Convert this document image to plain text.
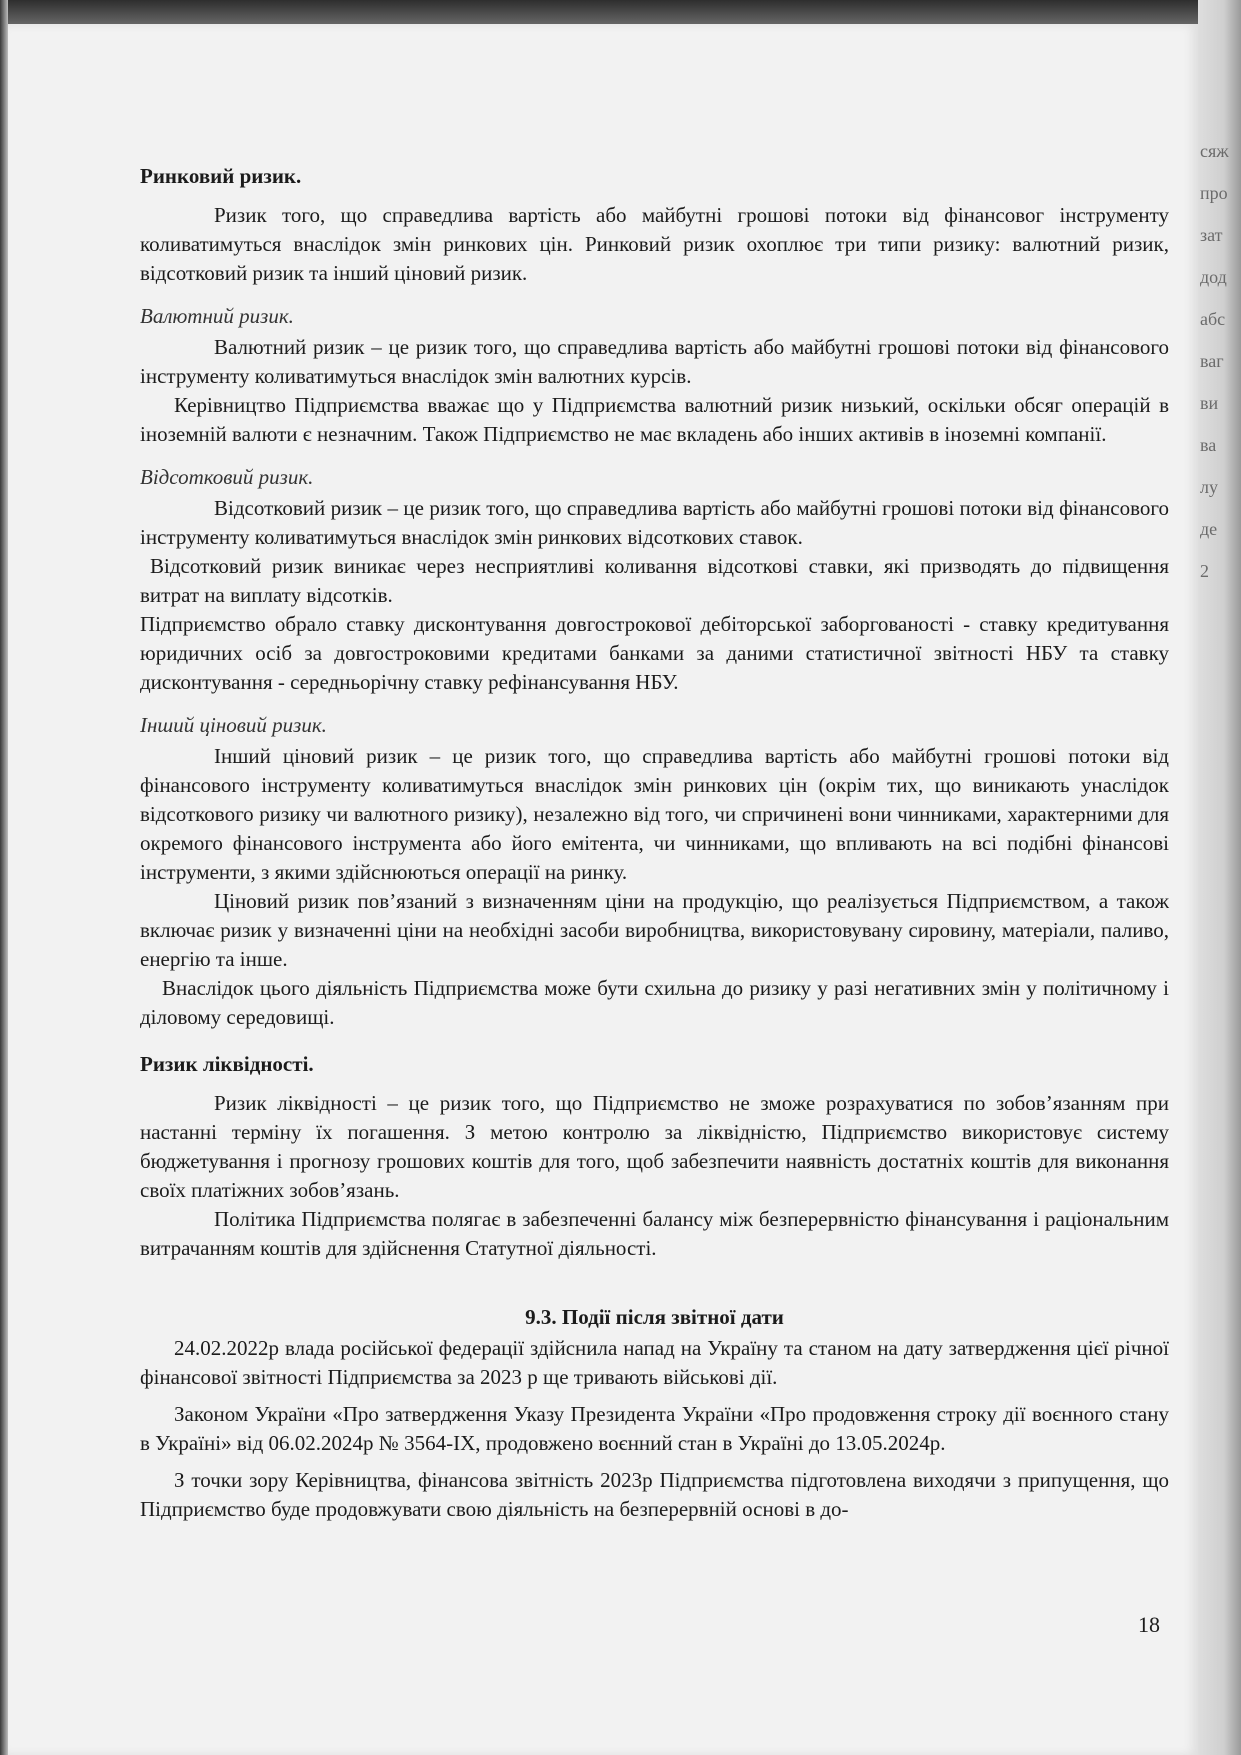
сяж
про
зат
дод
абс
ваг
ви
ва
лу
де
2
Ринковий ризик.

Ризик того, що справедлива вартість або майбутні грошові потоки від фінансовог інструменту коливатимуться внаслідок змін ринкових цін. Ринковий ризик охоплює три типи ризику: валютний ризик, відсотковий ризик та інший ціновий ризик.

Валютний ризик.

Валютний ризик – це ризик того, що справедлива вартість або майбутні грошові потоки від фінансового інструменту коливатимуться внаслідок змін валютних курсів.

Керівництво Підприємства вважає що у Підприємства валютний ризик низький, оскільки обсяг операцій в іноземній валюти є незначним. Також Підприємство не має вкладень або інших активів в іноземні компанії.

Відсотковий ризик.

Відсотковий ризик – це ризик того, що справедлива вартість або майбутні грошові потоки від фінансового інструменту коливатимуться внаслідок змін ринкових відсоткових ставок.

Відсотковий ризик виникає через несприятливі коливання відсоткові ставки, які призводять до підвищення витрат на виплату відсотків.

Підприємство обрало ставку дисконтування довгострокової дебіторської заборгованості - ставку кредитування юридичних осіб за довгостроковими кредитами банками за даними статистичної звітності НБУ та ставку дисконтування - середньорічну ставку рефінансування НБУ.

Інший ціновий ризик.

Інший ціновий ризик – це ризик того, що справедлива вартість або майбутні грошові потоки від фінансового інструменту коливатимуться внаслідок змін ринкових цін (окрім тих, що виникають унаслідок відсоткового ризику чи валютного ризику), незалежно від того, чи спричинені вони чинниками, характерними для окремого фінансового інструмента або його емітента, чи чинниками, що впливають на всі подібні фінансові інструменти, з якими здійснюються операції на ринку.

Ціновий ризик пов’язаний з визначенням ціни на продукцію, що реалізується Підприємством, а також включає ризик у визначенні ціни на необхідні засоби виробництва, використовувану сировину, матеріали, паливо, енергію та інше.

Внаслідок цього діяльність Підприємства може бути схильна до ризику у разі негативних змін у політичному і діловому середовищі.

Ризик ліквідності.

Ризик ліквідності – це ризик того, що Підприємство не зможе розрахуватися по зобов’язанням при настанні терміну їх погашення. З метою контролю за ліквідністю, Підприємство використовує систему бюджетування і прогнозу грошових коштів для того, щоб забезпечити наявність достатніх коштів для виконання своїх платіжних зобов’язань.

Політика Підприємства полягає в забезпеченні балансу між безперервністю фінансування і раціональним витрачанням коштів для здійснення Статутної діяльності.

9.3. Події після звітної дати

24.02.2022р влада російської федерації здійснила напад на Україну та станом на дату затвердження цієї річної фінансової звітності Підприємства за 2023 р ще тривають військові дії.

Законом України «Про затвердження Указу Президента України «Про продовження строку дії воєнного стану в Україні» від 06.02.2024р № 3564-IX, продовжено воєнний стан в Україні до 13.05.2024р.

З точки зору Керівництва, фінансова звітність 2023р Підприємства підготовлена виходячи з припущення, що Підприємство буде продовжувати свою діяльність на безперервній основі в до-

18
